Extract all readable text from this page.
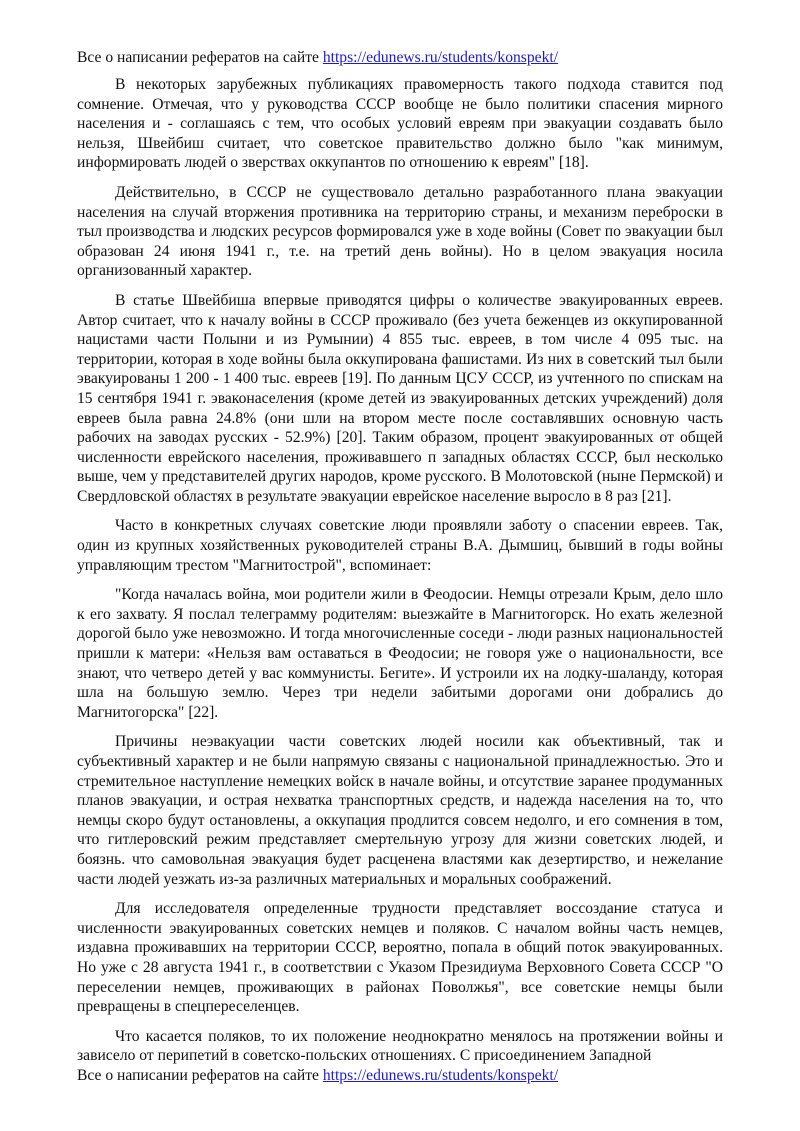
Все о написании рефератов на сайте https://edunews.ru/students/konspekt/

В некоторых зарубежных публикациях правомерность такого подхода ставится под сомнение. Отмечая, что у руководства СССР вообще не было политики спасения мирного населения и - соглашаясь с тем, что особых условий евреям при эвакуации создавать было нельзя, Швейбиш считает, что советское правительство должно было "как минимум, информировать людей о зверствах оккупантов по отношению к евреям" [18].

Действительно, в СССР не существовало детально разработанного плана эвакуации населения на случай вторжения противника на территорию страны, и механизм переброски в тыл производства и людских ресурсов формировался уже в ходе войны (Совет по эвакуации был образован 24 июня 1941 г., т.е. на третий день войны). Но в целом эвакуация носила организованный характер.

В статье Швейбиша впервые приводятся цифры о количестве эвакуированных евреев. Автор считает, что к началу войны в СССР проживало (без учета беженцев из оккупированной нацистами части Полыни и из Румынии) 4 855 тыс. евреев, в том числе 4 095 тыс. на территории, которая в ходе войны была оккупирована фашистами. Из них в советский тыл были эвакуированы 1 200 - 1 400 тыс. евреев [19]. По данным ЦСУ СССР, из учтенного по спискам на 15 сентября 1941 г. эваконаселения (кроме детей из эвакуированных детских учреждений) доля евреев была равна 24.8% (они шли на втором месте после составлявших основную часть рабочих на заводах русских - 52.9%) [20]. Таким образом, процент эвакуированных от общей численности еврейского населения, проживавшего п западных областях СССР, был несколько выше, чем у представителей других народов, кроме русского. В Молотовской (ныне Пермской) и Свердловской областях в результате эвакуации еврейское население выросло в 8 раз [21].

Часто в конкретных случаях советские люди проявляли заботу о спасении евреев. Так, один из крупных хозяйственных руководителей страны В.А. Дымшиц, бывший в годы войны управляющим трестом "Магнитострой", вспоминает:

"Когда началась война, мои родители жили в Феодосии. Немцы отрезали Крым, дело шло к его захвату. Я послал телеграмму родителям: выезжайте в Магнитогорск. Но ехать железной дорогой было уже невозможно. И тогда многочисленные соседи - люди разных национальностей пришли к матери: «Нельзя вам оставаться в Феодосии; не говоря уже о национальности, все знают, что четверо детей у вас коммунисты. Бегите». И устроили их на лодку-шаланду, которая шла на большую землю. Через три недели забитыми дорогами они добрались до Магнитогорска" [22].

Причины неэвакуации части советских людей носили как объективный, так и субъективный характер и не были напрямую связаны с национальной принадлежностью. Это и стремительное наступление немецких войск в начале войны, и отсутствие заранее продуманных планов эвакуации, и острая нехватка транспортных средств, и надежда населения на то, что немцы скоро будут остановлены, а оккупация продлится совсем недолго, и его сомнения в том, что гитлеровский режим представляет смертельную угрозу для жизни советских людей, и боязнь. что самовольная эвакуация будет расценена властями как дезертирство, и нежелание части людей уезжать из-за различных материальных и моральных соображений.

Для исследователя определенные трудности представляет воссоздание статуса и численности эвакуированных советских немцев и поляков. С началом войны часть немцев, издавна проживавших на территории СССР, вероятно, попала в общий поток эвакуированных. Но уже с 28 августа 1941 г., в соответствии с Указом Президиума Верховного Совета СССР "О переселении немцев, проживающих в районах Поволжья", все советские немцы были превращены в спецпереселенцев.

Что касается поляков, то их положение неоднократно менялось на протяжении войны и зависело от перипетий в советско-польских отношениях. С присоединением Западной

Все о написании рефератов на сайте https://edunews.ru/students/konspekt/
